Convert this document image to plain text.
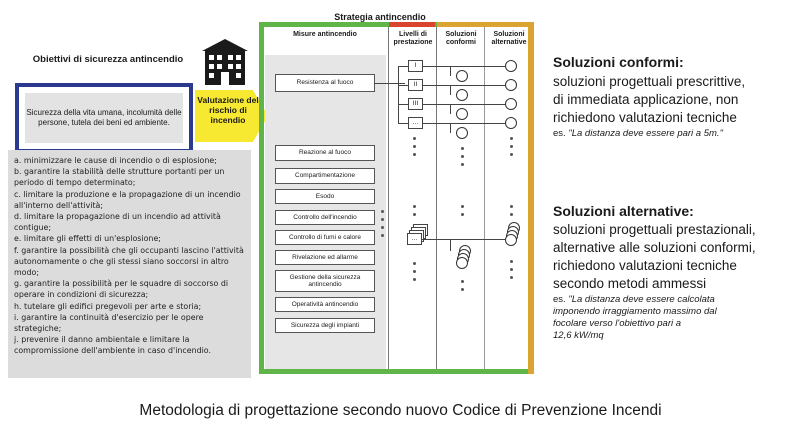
Obiettivi di sicurezza antincendio
Sicurezza della vita umana, incolumità delle persone, tutela dei beni ed ambiente.
Valutazione del rischio di incendio
a. minimizzare le cause di incendio o di esplosione;
b. garantire la stabilità delle strutture portanti per un periodo di tempo determinato;
c. limitare la produzione e la propagazione di un incendio all'interno dell'attività;
d. limitare la propagazione di un incendio ad attività contigue;
e. limitare gli effetti di un'esplosione;
f. garantire la possibilità che gli occupanti lascino l'attività autonomamente o che gli stessi siano soccorsi in altro modo;
g. garantire la possibilità per le squadre di soccorso di operare in condizioni di sicurezza;
h. tutelare gli edifici pregevoli per arte e storia;
i. garantire la continuità d'esercizio per le opere strategiche;
j. prevenire il danno ambientale e limitare la compromissione dell'ambiente in caso d'incendio.
Strategia antincendio
Misure antincendio	Livelli di prestazione
Soluzioni conformi
Soluzioni alternative
Resistenza al fuoco
Reazione al fuoco
Compartimentazione
Esodo
Controllo dell'incendio
Controllo di fumi e calore
Rivelazione ed allarme
Gestione della sicurezza antincendio
Operatività antincendio
Sicurezza degli impianti
I
II
III
...
...
Soluzioni conformi:
soluzioni progettuali prescrittive,
di immediata applicazione, non
richiedono valutazioni tecniche
es. "La distanza deve essere pari a 5m."
Soluzioni alternative:
soluzioni progettuali prestazionali,
alternative alle soluzioni conformi,
richiedono valutazioni tecniche
secondo metodi ammessi
es. "La distanza deve essere calcolata
imponendo irraggiamento massimo dal
focolare verso l'obiettivo pari a
12,6 kW/mq
Metodologia di progettazione secondo nuovo Codice di Prevenzione Incendi
